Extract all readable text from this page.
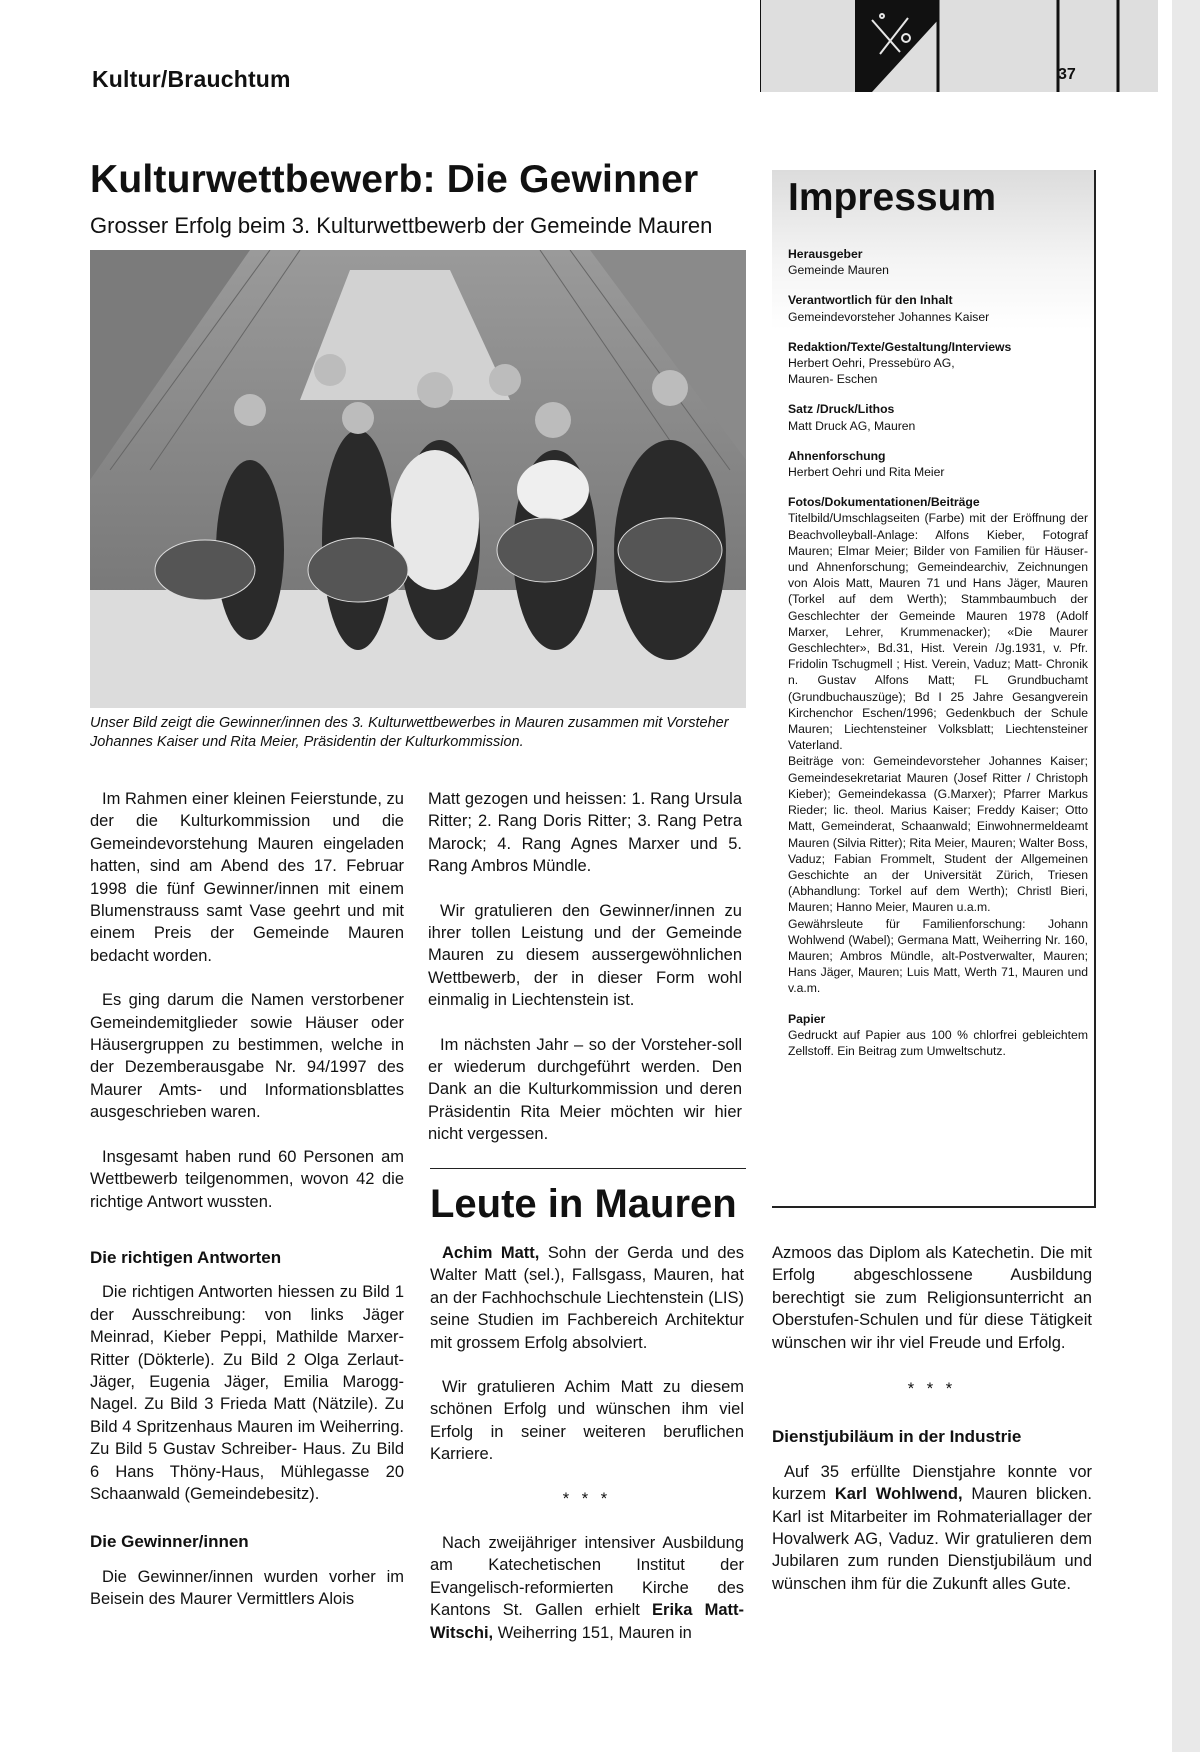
Kultur/Brauchtum	37
Kulturwettbewerb: Die Gewinner
Grosser Erfolg beim 3. Kulturwettbewerb der Gemeinde Mauren
Unser Bild zeigt die Gewinner/innen des 3. Kulturwettbewerbes in Mauren zusammen mit Vorsteher Johannes Kaiser und Rita Meier, Präsidentin der Kulturkommission.

Im Rahmen einer kleinen Feierstunde, zu der die Kulturkommission und die Gemeindevorstehung Mauren eingeladen hatten, sind am Abend des 17. Februar 1998 die fünf Gewinner/innen mit einem Blumenstrauss samt Vase geehrt und mit einem Preis der Gemeinde Mauren bedacht worden.

Es ging darum die Namen verstorbener Gemeindemitglieder sowie Häuser oder Häusergruppen zu bestimmen, welche in der Dezemberausgabe Nr. 94/1997 des Maurer Amts- und Informationsblattes ausgeschrieben waren.

Insgesamt haben rund 60 Personen am Wettbewerb teilgenommen, wovon 42 die richtige Antwort wussten.

Die richtigen Antworten

Die richtigen Antworten hiessen zu Bild 1 der Ausschreibung: von links Jäger Meinrad, Kieber Peppi, Mathilde Marxer-Ritter (Dökterle). Zu Bild 2 Olga Zerlaut-Jäger, Eugenia Jäger, Emilia Marogg-Nagel. Zu Bild 3 Frieda Matt (Nätzile). Zu Bild 4 Spritzenhaus Mauren im Weiherring. Zu Bild 5 Gustav Schreiber- Haus. Zu Bild 6 Hans Thöny-Haus, Mühlegasse 20 Schaanwald (Gemeindebesitz).

Die Gewinner/innen

Die Gewinner/innen wurden vorher im Beisein des Maurer Vermittlers Alois

Matt gezogen und heissen: 1. Rang Ursula Ritter; 2. Rang Doris Ritter; 3. Rang Petra Marock; 4. Rang Agnes Marxer und 5. Rang Ambros Mündle.

Wir gratulieren den Gewinner/innen zu ihrer tollen Leistung und der Gemeinde Mauren zu diesem aussergewöhnlichen Wettbewerb, der in dieser Form wohl einmalig in Liechtenstein ist.

Im nächsten Jahr – so der Vorsteher-soll er wiederum durchgeführt werden. Den Dank an die Kulturkommission und deren Präsidentin Rita Meier möchten wir hier nicht vergessen.

Leute in Mauren

Achim Matt, Sohn der Gerda und des Walter Matt (sel.), Fallsgass, Mauren, hat an der Fachhochschule Liechtenstein (LIS) seine Studien im Fachbereich Architektur mit grossem Erfolg absolviert.

Wir gratulieren Achim Matt zu diesem schönen Erfolg und wünschen ihm viel Erfolg in seiner weiteren beruflichen Karriere.

* * *

Nach zweijähriger intensiver Ausbildung am Katechetischen Institut der Evangelisch-reformierten Kirche des Kantons St. Gallen erhielt Erika Matt-Witschi, Weiherring 151, Mauren in

Azmoos das Diplom als Katechetin. Die mit Erfolg abgeschlossene Ausbildung berechtigt sie zum Religionsunterricht an Oberstufen-Schulen und für diese Tätigkeit wünschen wir ihr viel Freude und Erfolg.

* * *
Dienstjubiläum in der Industrie

Auf 35 erfüllte Dienstjahre konnte vor kurzem Karl Wohlwend, Mauren blicken. Karl ist Mitarbeiter im Rohmateriallager der Hovalwerk AG, Vaduz. Wir gratulieren dem Jubilaren zum runden Dienstjubiläum und wünschen ihm für die Zukunft alles Gute.

Impressum
Herausgeber
Gemeinde Mauren
Verantwortlich für den Inhalt
Gemeindevorsteher Johannes Kaiser
Redaktion/Texte/Gestaltung/Interviews
Herbert Oehri, Pressebüro AG,
Mauren- Eschen
Satz /Druck/Lithos
Matt Druck AG, Mauren
Ahnenforschung
Herbert Oehri und Rita Meier
Fotos/Dokumentationen/Beiträge
Titelbild/Umschlagseiten (Farbe) mit der Eröffnung der Beachvolleyball-Anlage: Alfons Kieber, Fotograf Mauren; Elmar Meier; Bilder von Familien für Häuser- und Ahnenforschung; Gemeindearchiv, Zeichnungen von Alois Matt, Mauren 71 und Hans Jäger, Mauren (Torkel auf dem Werth); Stammbaumbuch der Geschlechter der Gemeinde Mauren 1978 (Adolf Marxer, Lehrer, Krummenacker); «Die Maurer Geschlechter», Bd.31, Hist. Verein /Jg.1931, v. Pfr. Fridolin Tschugmell ; Hist. Verein, Vaduz; Matt- Chronik n. Gustav Alfons Matt; FL Grundbuchamt (Grundbuchauszüge); Bd I 25 Jahre Gesangverein Kirchenchor Eschen/1996; Gedenkbuch der Schule Mauren; Liechtensteiner Volksblatt; Liechtensteiner Vaterland.
Beiträge von: Gemeindevorsteher Johannes Kaiser; Gemeindesekretariat Mauren (Josef Ritter / Christoph Kieber); Gemeindekassa (G.Marxer); Pfarrer Markus Rieder; lic. theol. Marius Kaiser; Freddy Kaiser; Otto Matt, Gemeinderat, Schaanwald; Einwohnermeldeamt Mauren (Silvia Ritter); Rita Meier, Mauren; Walter Boss, Vaduz; Fabian Frommelt, Student der Allgemeinen Geschichte an der Universität Zürich, Triesen (Abhandlung: Torkel auf dem Werth); Christl Bieri, Mauren; Hanno Meier, Mauren u.a.m.
Gewährsleute für Familienforschung: Johann Wohlwend (Wabel); Germana Matt, Weiherring Nr. 160, Mauren; Ambros Mündle, alt-Postverwalter, Mauren; Hans Jäger, Mauren; Luis Matt, Werth 71, Mauren und v.a.m.
Papier
Gedruckt auf Papier aus 100 % chlorfrei gebleichtem Zellstoff. Ein Beitrag zum Umweltschutz.
